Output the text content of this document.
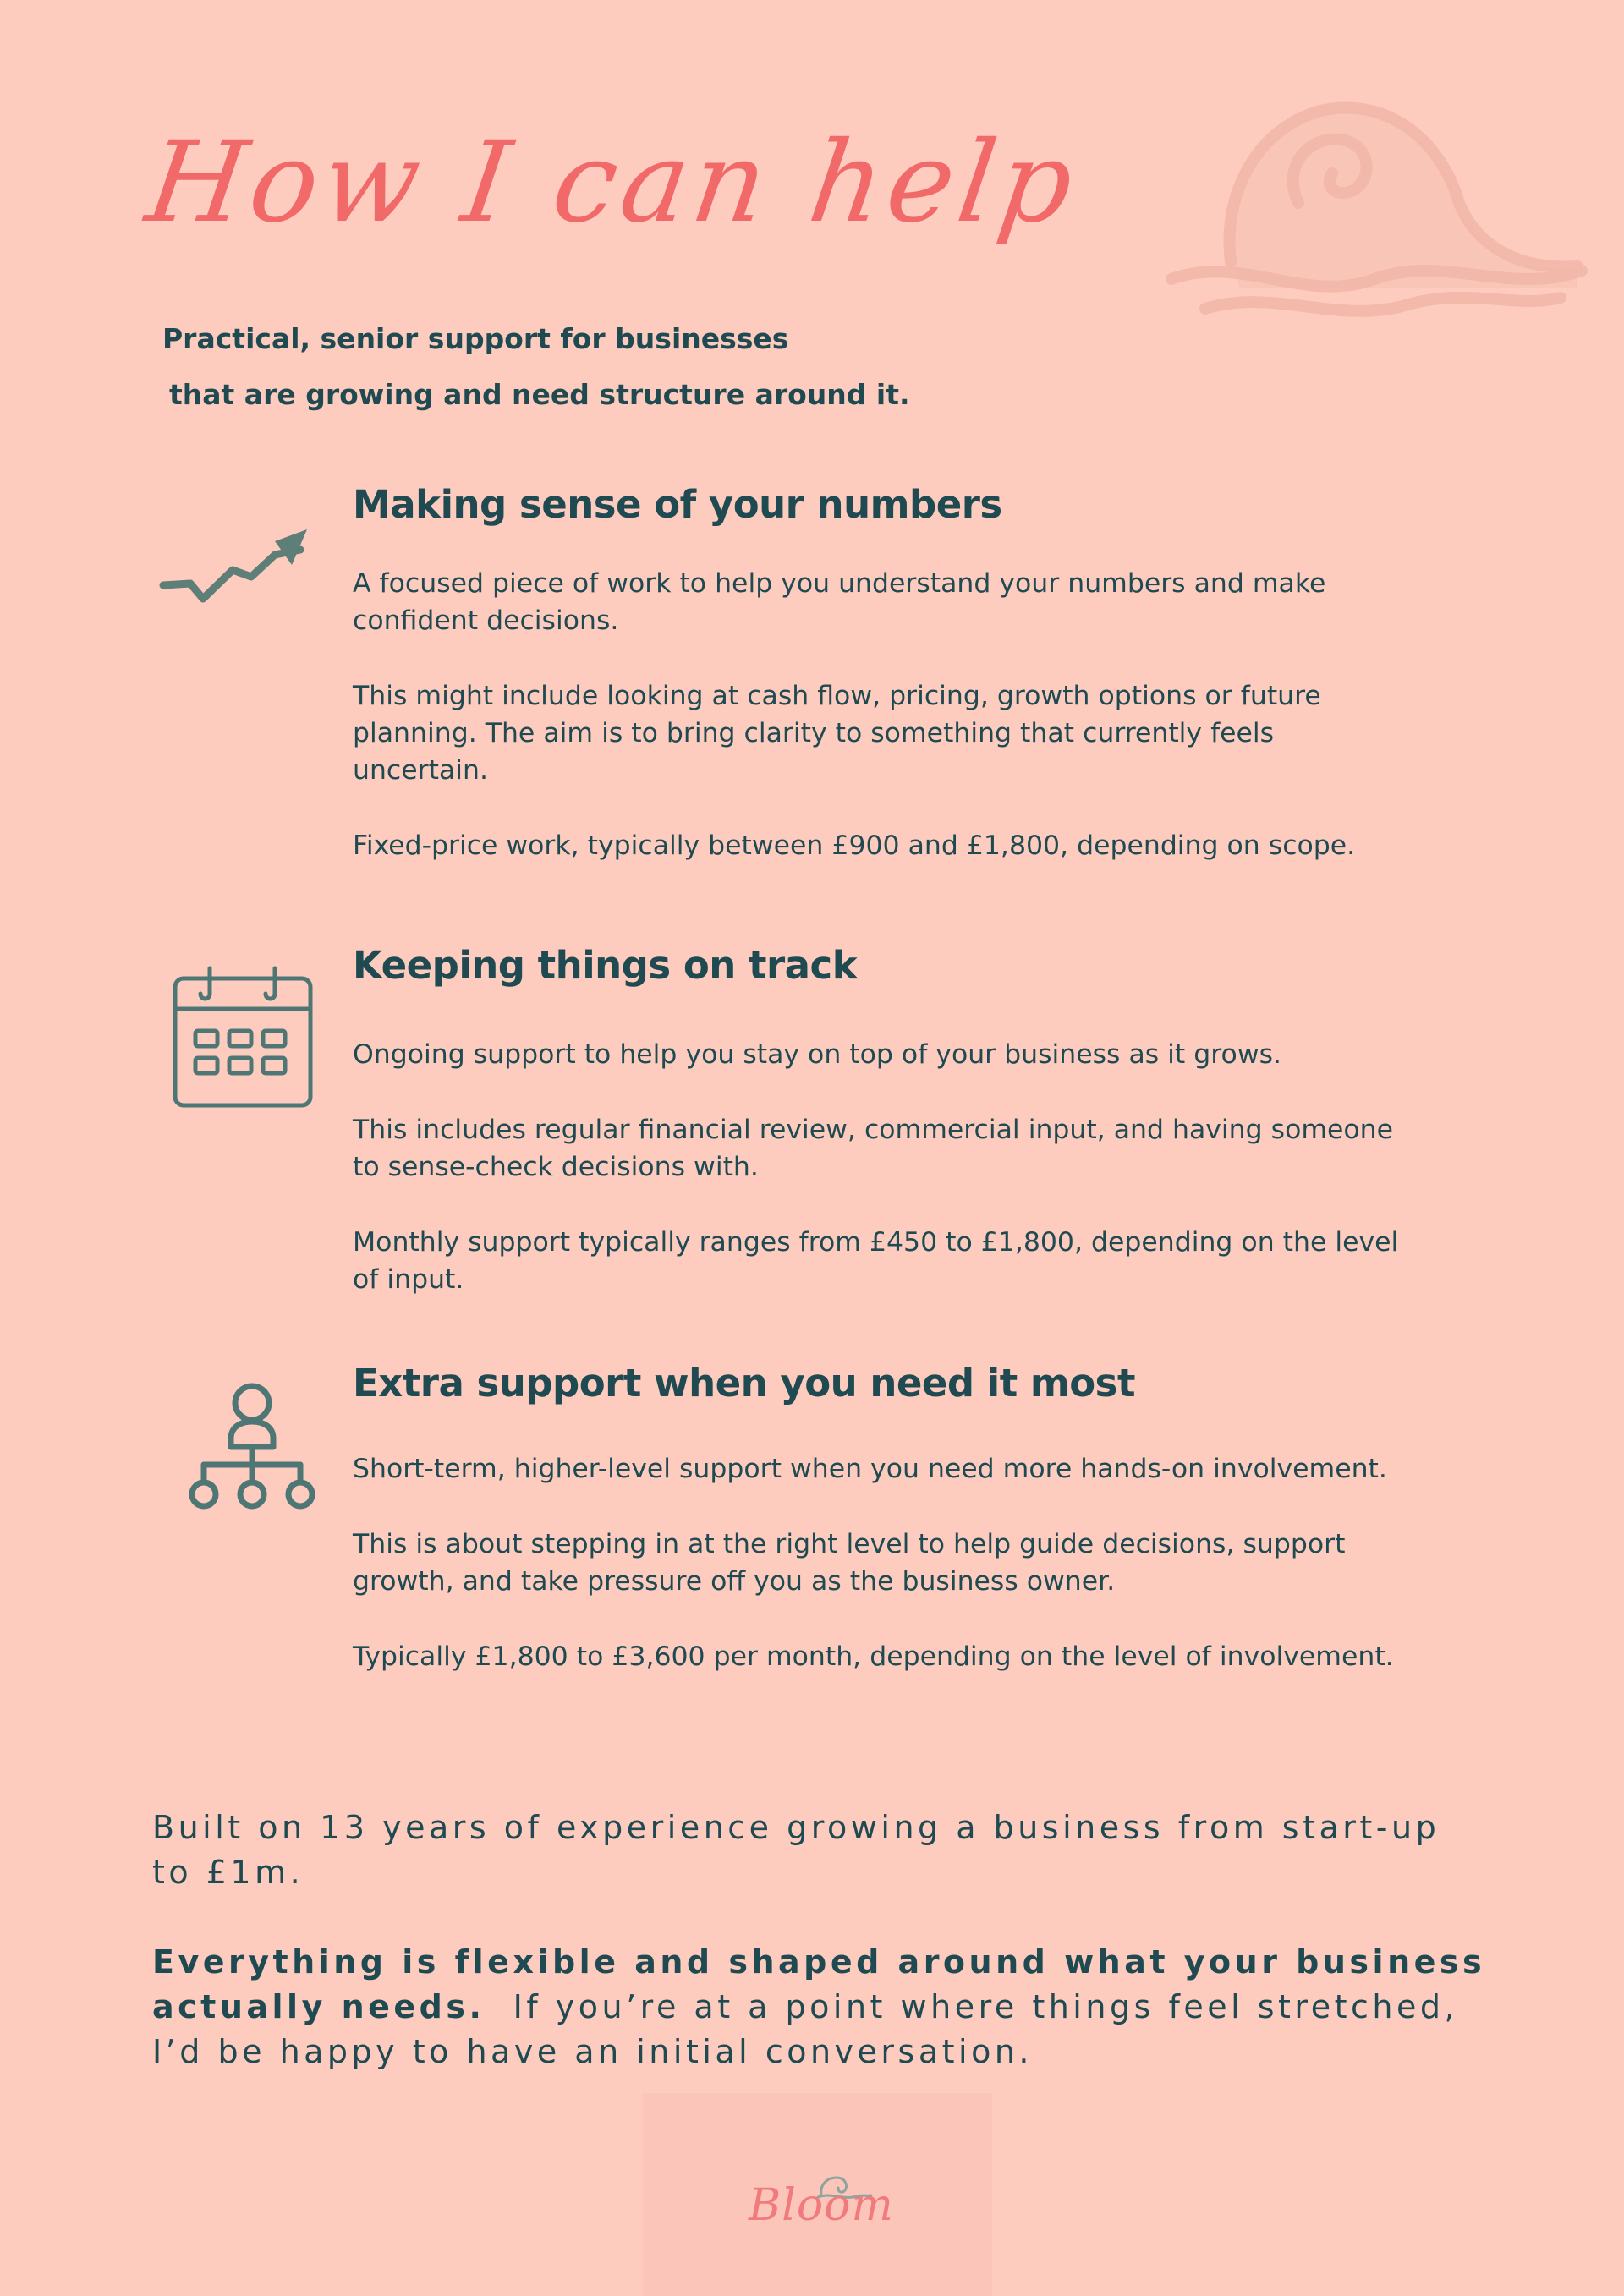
How I can help
Practical, senior support for businesses
that are growing and need structure around it.
Making sense of your numbers

A focused piece of work to help you understand your numbers and make confident decisions.

This might include looking at cash flow, pricing, growth options or future planning. The aim is to bring clarity to something that currently feels uncertain.

Fixed-price work, typically between £900 and £1,800, depending on scope.

Keeping things on track

Ongoing support to help you stay on top of your business as it grows.

This includes regular financial review, commercial input, and having someone to sense-check decisions with.

Monthly support typically ranges from £450 to £1,800, depending on the level of input.

Extra support when you need it most

Short-term, higher-level support when you need more hands-on involvement.

This is about stepping in at the right level to help guide decisions, support growth, and take pressure off you as the business owner.

Typically £1,800 to £3,600 per month, depending on the level of involvement.

Built on 13 years of experience growing a business from start-up to £1m.

Everything is flexible and shaped around what your business actually needs. If you’re at a point where things feel stretched, I’d be happy to have an initial conversation.

Bloom
